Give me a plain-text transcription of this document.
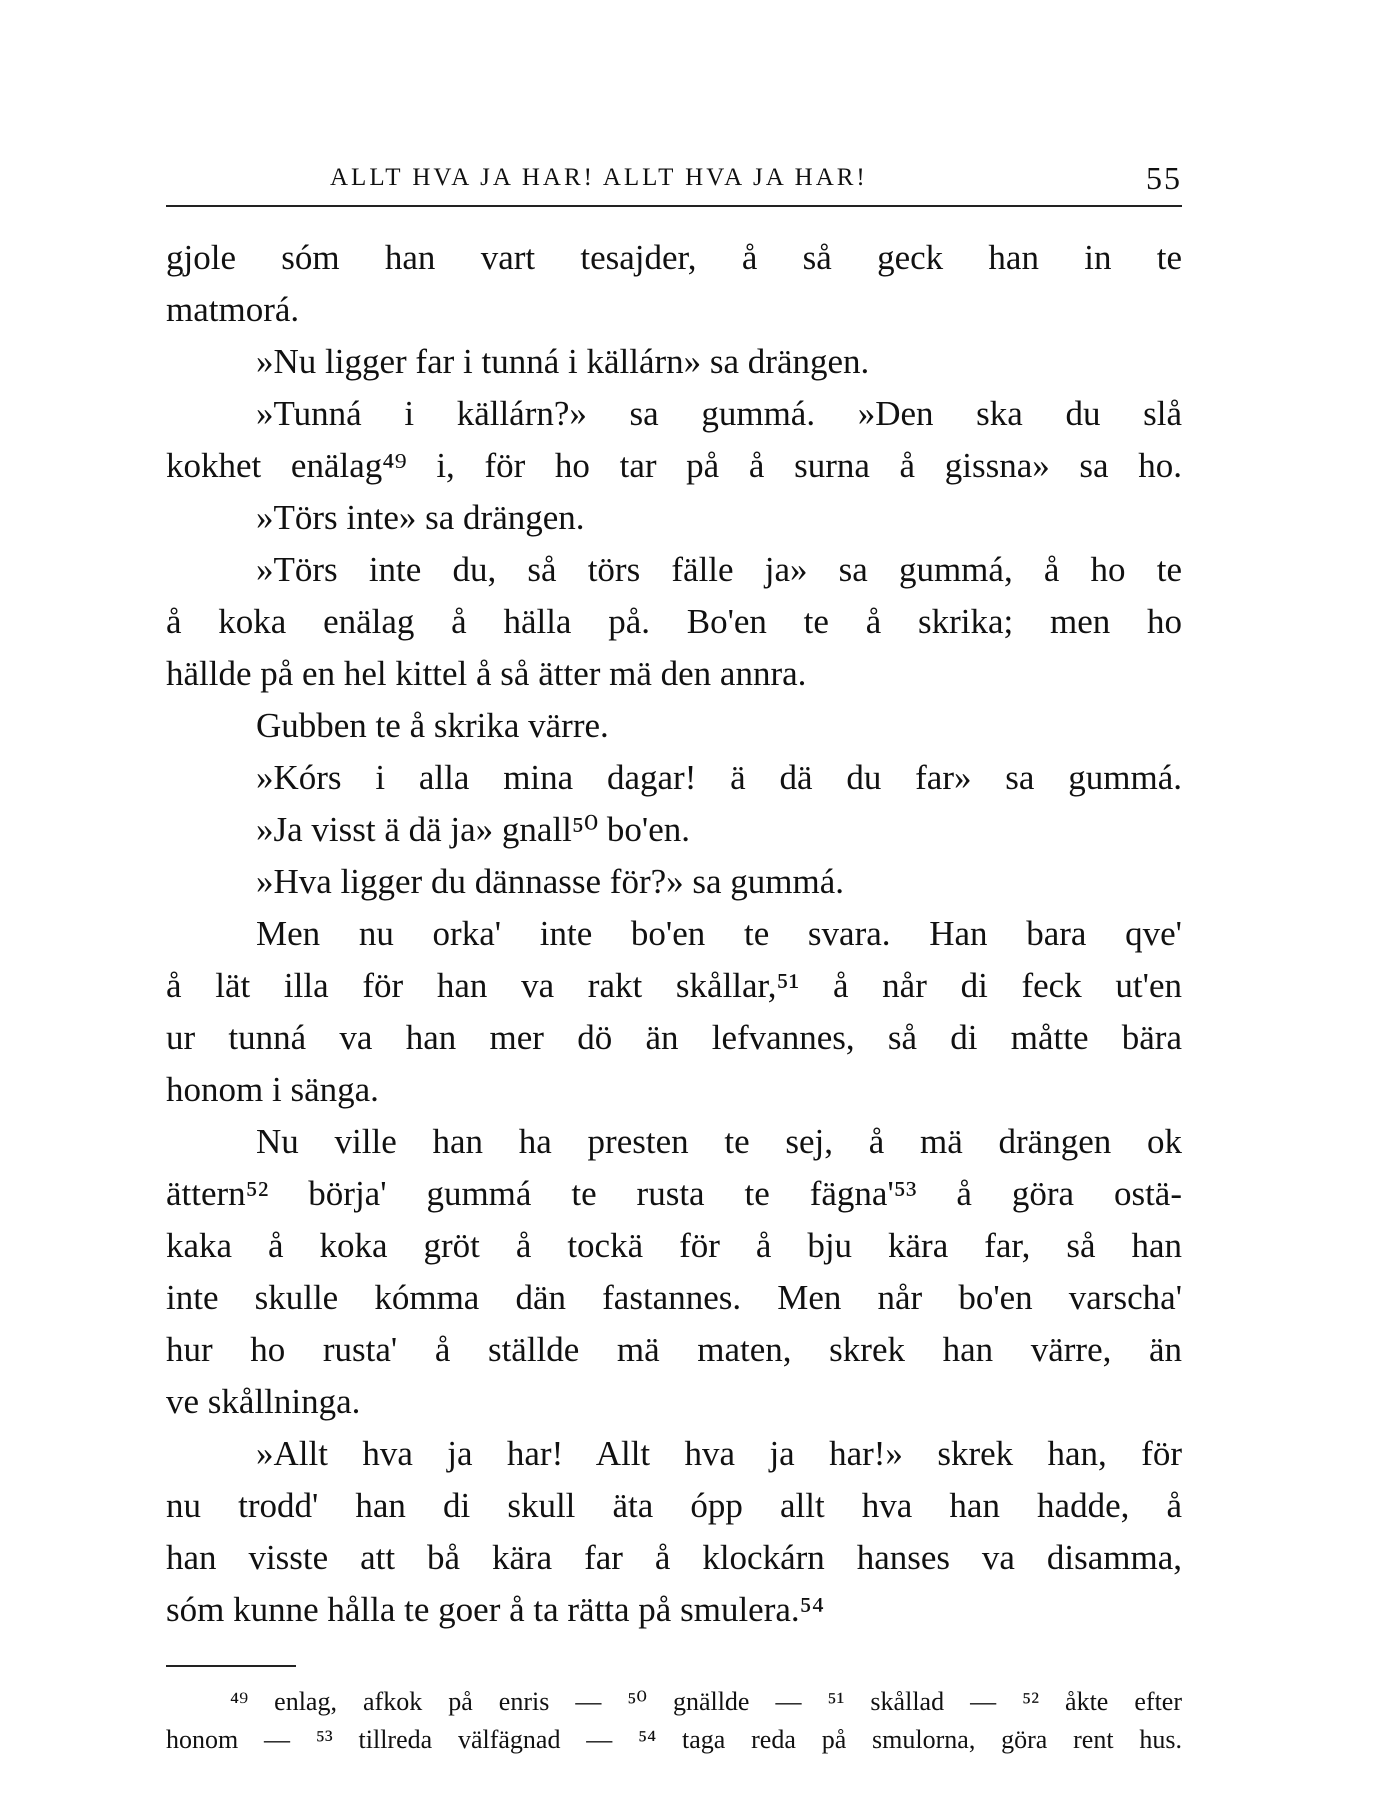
ALLT HVA JA HAR! ALLT HVA JA HAR!	55
gjole sóm han vart tesajder, å så geck han in te
matmorá.
»Nu ligger far i tunná i källárn» sa drängen.
»Tunná i källárn?» sa gummá. »Den ska du slå
kokhet enälag⁴⁹ i, för ho tar på å surna å gissna» sa ho.
»Törs inte» sa drängen.
»Törs inte du, så törs fälle ja» sa gummá, å ho te
å koka enälag å hälla på. Bo'en te å skrika; men ho
hällde på en hel kittel å så ätter mä den annra.
Gubben te å skrika värre.
»Kórs i alla mina dagar! ä dä du far» sa gummá.
»Ja visst ä dä ja» gnall⁵⁰ bo'en.
»Hva ligger du dännasse för?» sa gummá.
Men nu orka' inte bo'en te svara. Han bara qve'
å lät illa för han va rakt skållar,⁵¹ å når di feck ut'en
ur tunná va han mer dö än lefvannes, så di måtte bära
honom i sänga.
Nu ville han ha presten te sej, å mä drängen ok
ättern⁵² börja' gummá te rusta te fägna'⁵³ å göra ostä-
kaka å koka gröt å tockä för å bju kära far, så han
inte skulle kómma dän fastannes. Men når bo'en varscha'
hur ho rusta' å ställde mä maten, skrek han värre, än
ve skållninga.
»Allt hva ja har! Allt hva ja har!» skrek han, för
nu trodd' han di skull äta ópp allt hva han hadde, å
han visste att bå kära far å klockárn hanses va disamma,
sóm kunne hålla te goer å ta rätta på smulera.⁵⁴
⁴⁹ enlag, afkok på enris — ⁵⁰ gnällde — ⁵¹ skållad — ⁵² åkte efter
honom — ⁵³ tillreda välfägnad — ⁵⁴ taga reda på smulorna, göra rent hus.
